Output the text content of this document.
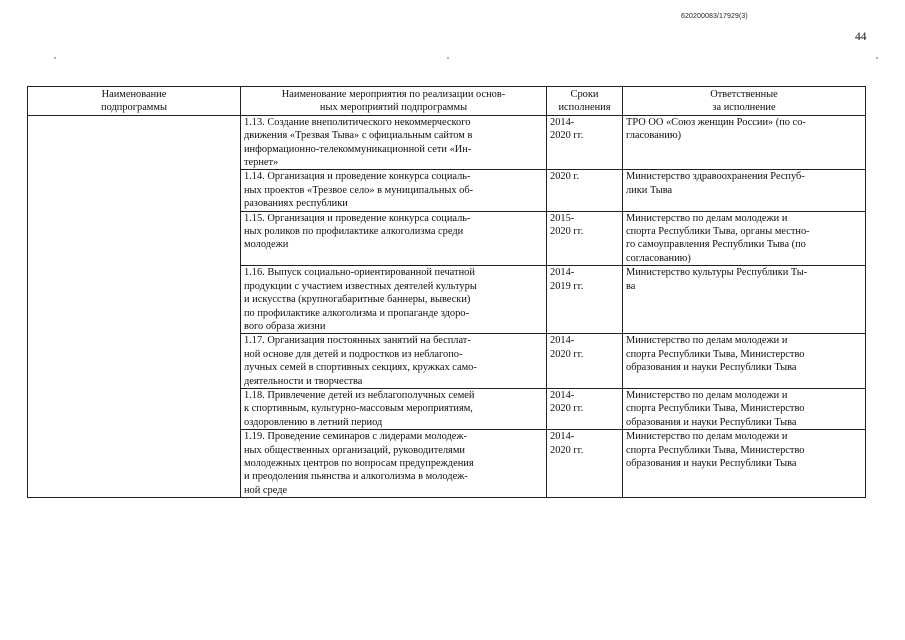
620200083/17929(3)
44
Наименование
подпрограммы	Наименование мероприятия по реализации основ-
ных мероприятий подпрограммы	Сроки
исполнения	Ответственные
за исполнение
	1.13. Создание внеполитического некоммерческого
движения «Трезвая Тыва» с официальным сайтом в
информационно-телекоммуникационной сети «Ин-
тернет»	2014-
2020 гг.	ТРО ОО «Союз женщин России» (по со-
гласованию)
	1.14. Организация и проведение конкурса социаль-
ных проектов «Трезвое село» в муниципальных об-
разованиях республики	2020 г.	Министерство здравоохранения Респуб-
лики Тыва
	1.15. Организация и проведение конкурса социаль-
ных роликов по профилактике алкоголизма среди
молодежи	2015-
2020 гг.	Министерство по делам молодежи и
спорта Республики Тыва, органы местно-
го самоуправления Республики Тыва (по
согласованию)
	1.16. Выпуск социально-ориентированной печатной
продукции с участием известных деятелей культуры
и искусства (крупногабаритные баннеры, вывески)
по профилактике алкоголизма и пропаганде здоро-
вого образа жизни	2014-
2019 гг.	Министерство культуры Республики Ты-
ва
	1.17. Организация постоянных занятий на бесплат-
ной основе для детей и подростков из неблагопо-
лучных семей в спортивных секциях, кружках само-
деятельности и творчества	2014-
2020 гг.	Министерство по делам молодежи и
спорта Республики Тыва, Министерство
образования и науки Республики Тыва
	1.18. Привлечение детей из неблагополучных семей
к спортивным, культурно-массовым мероприятиям,
оздоровлению в летний период	2014-
2020 гг.	Министерство по делам молодежи и
спорта Республики Тыва, Министерство
образования и науки Республики Тыва
	1.19. Проведение семинаров с лидерами молодеж-
ных общественных организаций, руководителями
молодежных центров по вопросам предупреждения
и преодоления пьянства и алкоголизма в молодеж-
ной среде	2014-
2020 гг.	Министерство по делам молодежи и
спорта Республики Тыва, Министерство
образования и науки Республики Тыва
